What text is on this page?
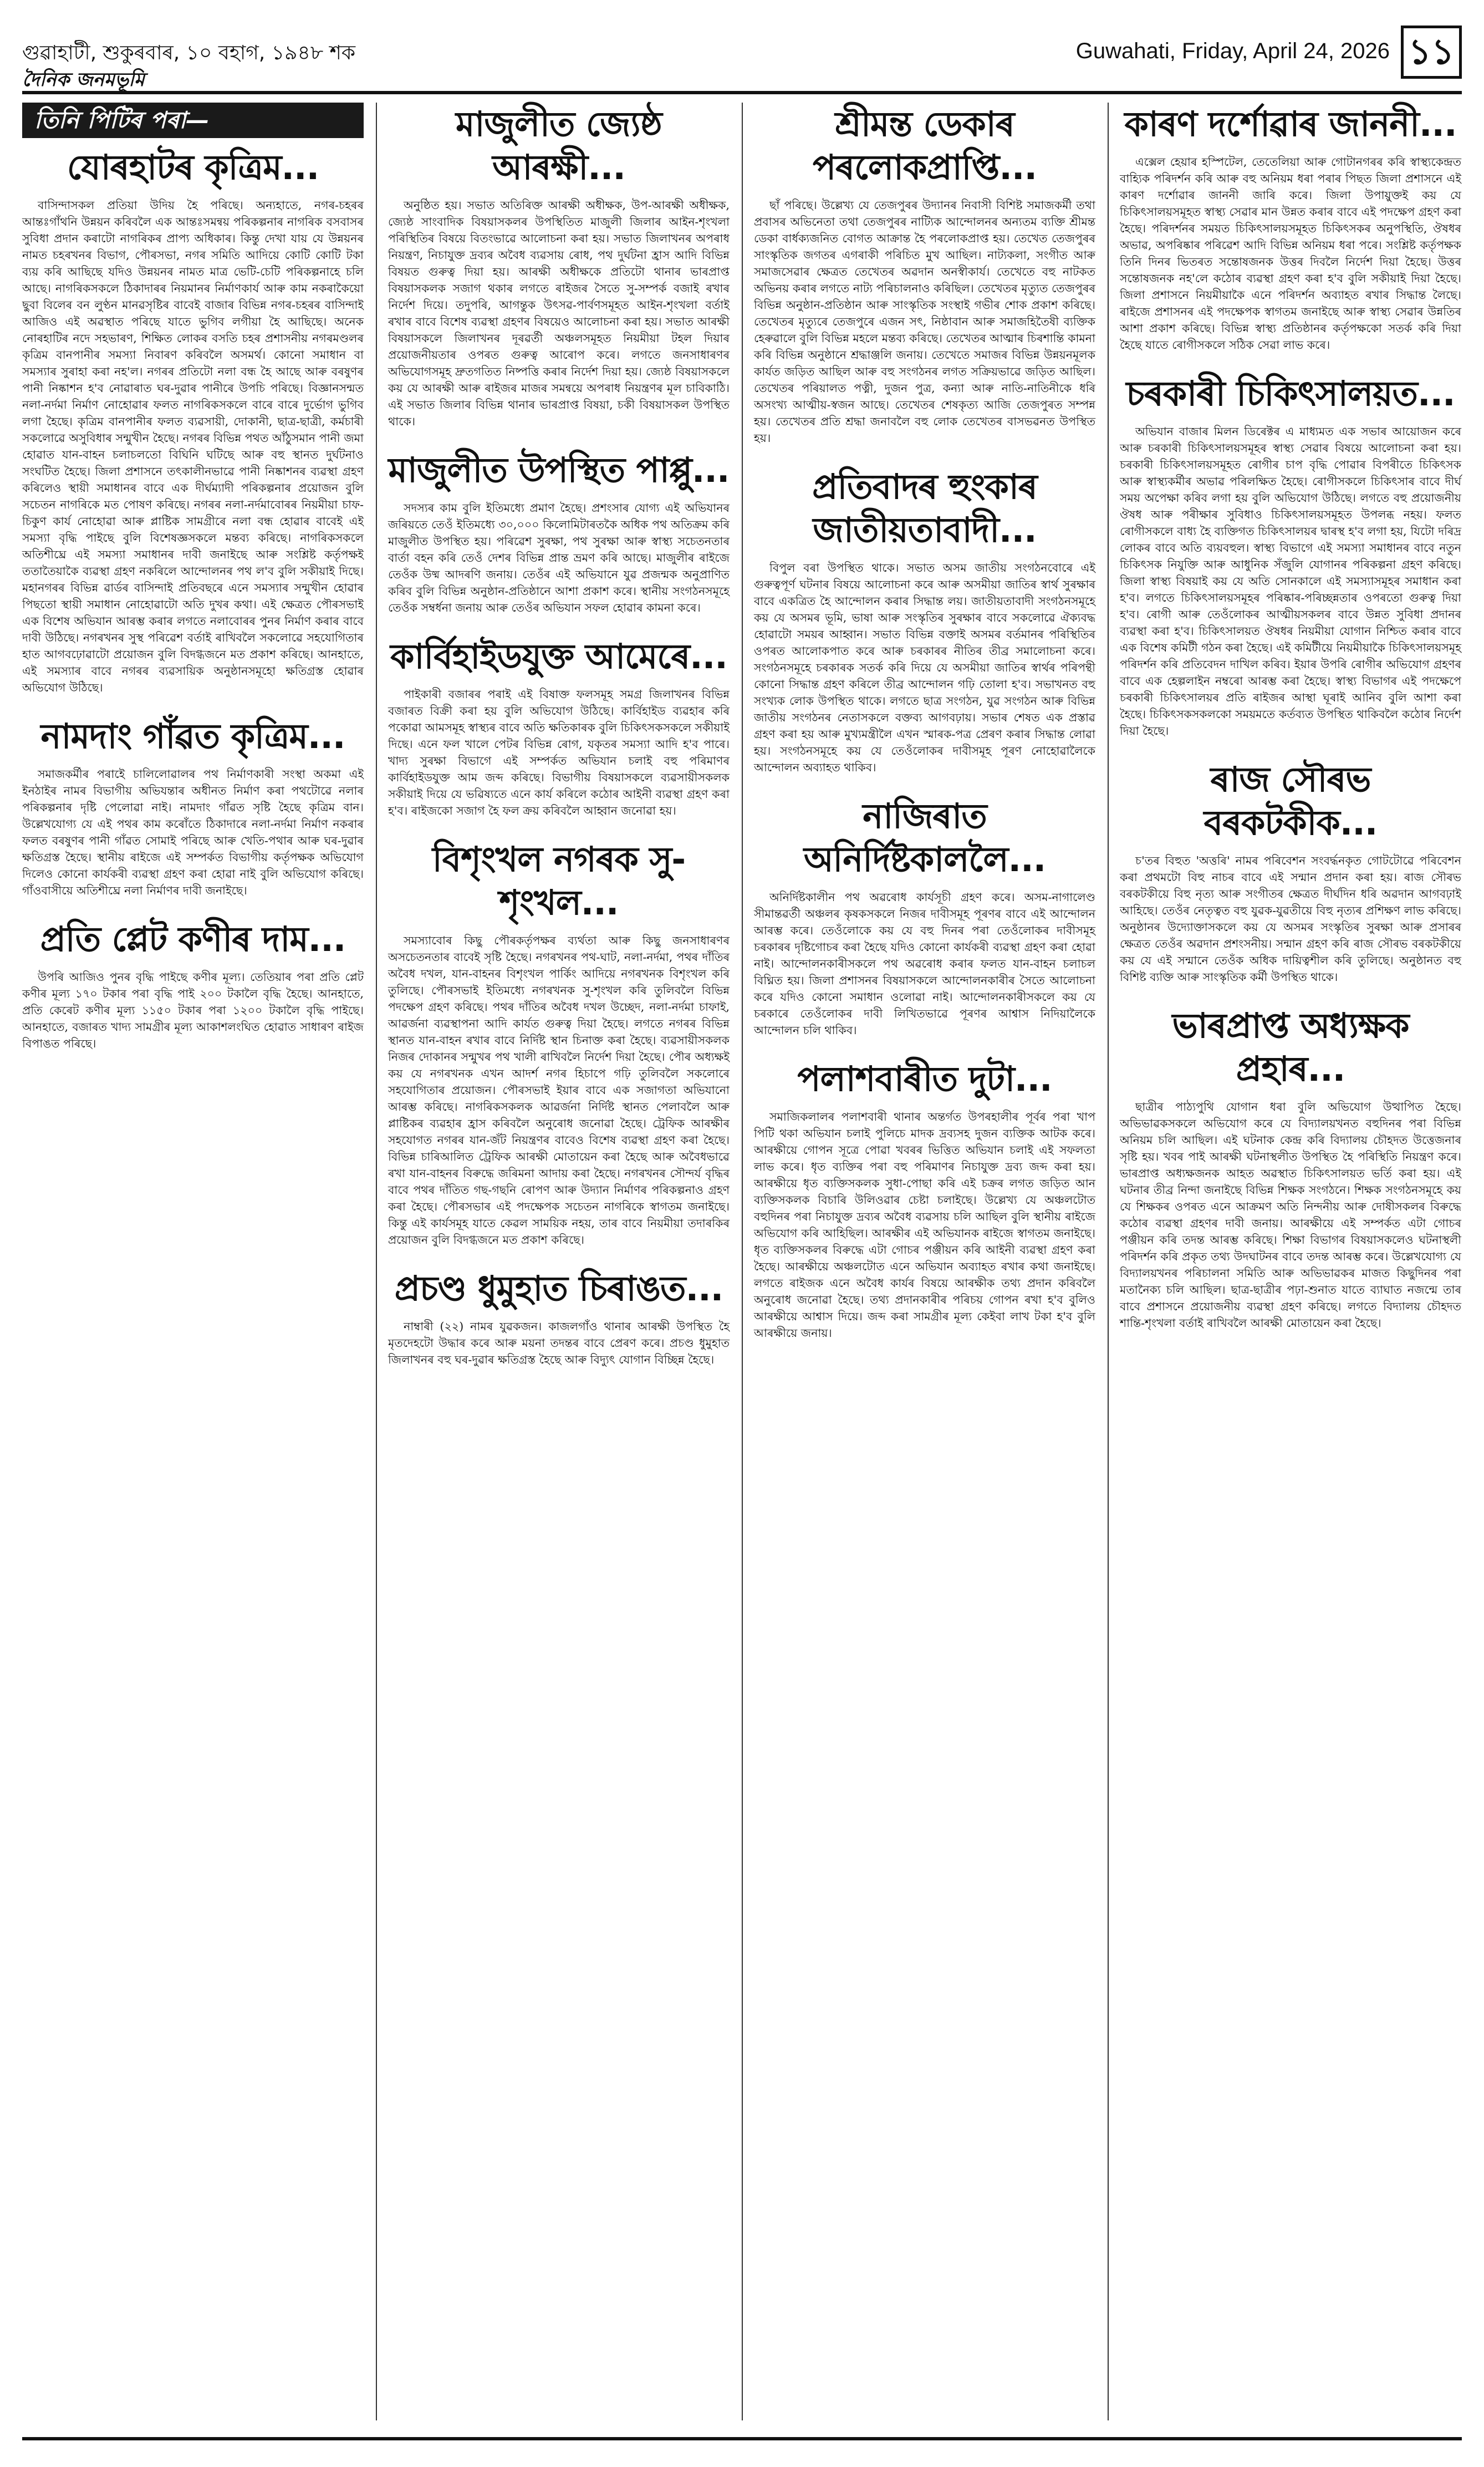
গুৱাহাটী, শুকুৰবাৰ, ১০ বহাগ, ১৯৪৮ শক
দৈনিক জনমভূমি
Guwahati, Friday, April 24, 2026 ১১
তিনি পিটিৰ পৰা—
যোৰহাটৰ কৃত্ৰিম...

বাসিন্দাসকল প্ৰতিয়া উদিয় হৈ পৰিছে। অন্যহাতে, নগৰ-চহৰৰ আন্তঃগাঁথনি উন্নয়ন কৰিবলৈ এক আন্তঃসমন্বয় পৰিকল্পনাৰ নাগৰিক বসবাসৰ সুবিধা প্ৰদান কৰাটো নাগৰিকৰ প্ৰাপ্য অধিকাৰ। কিন্তু দেখা যায় যে উন্নয়নৰ নামত চহৰখনৰ বিভাগ, পৌৰসভা, নগৰ সমিতি আদিয়ে কোটি কোটি টকা ব্যয় কৰি আছিছে যদিও উন্নয়নৰ নামত মাত্ৰ ভেটি-চেটি পৰিকল্পনাহে চলি আছে। নাগৰিকসকলে ঠিকাদাৰৰ নিয়মানৰ নিৰ্মাণকাৰ্য আৰু কাম নকৰাকৈয়ো ছুবা বিলেৰ বন লুণ্ঠন মানৱসৃষ্টিৰ বাবেই বাজাৰ বিভিন্ন নগৰ-চহৰৰ বাসিন্দাই আজিও এই অৱস্থাত পৰিছে যাতে ভুগিব লগীয়া হৈ আছিছে। অনেক নোৰহাটিৰ নদে সহভাৰণ, শিক্ষিত লোকৰ বসতি চহৰ প্ৰশাসনীয় নগৰমণ্ডলৰ কৃত্ৰিম বানপানীৰ সমস্যা নিবাৰণ কৰিবলৈ অসমৰ্থ। কোনো সমাধান বা সমস্যাৰ সুৰাহা কৰা নহ'ল। নগৰৰ প্ৰতিটো নলা বন্ধ হৈ আছে আৰু বৰষুণৰ পানী নিষ্কাশন হ'ব নোৱাৰাত ঘৰ-দুৱাৰ পানীৰে উপচি পৰিছে। বিজ্ঞানসন্মত নলা-নৰ্দমা নিৰ্মাণ নোহোৱাৰ ফলত নাগৰিকসকলে বাৰে বাৰে দুৰ্ভোগ ভুগিব লগা হৈছে। কৃত্ৰিম বানপানীৰ ফলত ব্যৱসায়ী, দোকানী, ছাত্ৰ-ছাত্ৰী, কৰ্মচাৰী সকলোৱে অসুবিধাৰ সন্মুখীন হৈছে। নগৰৰ বিভিন্ন পথত আঁঠুসমান পানী জমা হোৱাত যান-বাহন চলাচলতো বিঘিনি ঘটিছে আৰু বহু স্থানত দুৰ্ঘটনাও সংঘটিত হৈছে। জিলা প্ৰশাসনে তৎকালীনভাৱে পানী নিষ্কাশনৰ ব্যৱস্থা গ্ৰহণ কৰিলেও স্থায়ী সমাধানৰ বাবে এক দীৰ্ঘম্যাদী পৰিকল্পনাৰ প্ৰয়োজন বুলি সচেতন নাগৰিকে মত পোষণ কৰিছে। নগৰৰ নলা-নৰ্দমাবোৰৰ নিয়মীয়া চাফ-চিকুণ কাৰ্য নোহোৱা আৰু প্লাষ্টিক সামগ্ৰীৰে নলা বন্ধ হোৱাৰ বাবেই এই সমস্যা বৃদ্ধি পাইছে বুলি বিশেষজ্ঞসকলে মন্তব্য কৰিছে। নাগৰিকসকলে অতিশীঘ্ৰে এই সমস্যা সমাধানৰ দাবী জনাইছে আৰু সংশ্লিষ্ট কৰ্তৃপক্ষই ততাতৈয়াকৈ ব্যৱস্থা গ্ৰহণ নকৰিলে আন্দোলনৰ পথ ল'ব বুলি সকীয়াই দিছে। মহানগৰৰ বিভিন্ন ৱাৰ্ডৰ বাসিন্দাই প্ৰতিবছৰে এনে সমস্যাৰ সন্মুখীন হোৱাৰ পিছতো স্থায়ী সমাধান নোহোৱাটো অতি দুখৰ কথা। এই ক্ষেত্ৰত পৌৰসভাই এক বিশেষ অভিযান আৰম্ভ কৰাৰ লগতে নলাবোৰৰ পুনৰ নিৰ্মাণ কৰাৰ বাবে দাবী উঠিছে। নগৰখনৰ সুস্থ পৰিৱেশ বৰ্তাই ৰাখিবলৈ সকলোৱে সহযোগিতাৰ হাত আগবঢ়োৱাটো প্ৰয়োজন বুলি বিদগ্ধজনে মত প্ৰকাশ কৰিছে। আনহাতে, এই সমস্যাৰ বাবে নগৰৰ ব্যৱসায়িক অনুষ্ঠানসমূহো ক্ষতিগ্ৰস্ত হোৱাৰ অভিযোগ উঠিছে।

নামদাং গাঁৱত কৃত্ৰিম...

সমাজকৰ্মীৰ পৰাইে চালিলোৱালৰ পথ নিৰ্মাণকাৰী সংস্থা অকমা এই ইনঠাইৰ নামৰ বিভাগীয় অভিযন্তাৰ অধীনত নিৰ্মাণ কৰা পথটোৱে নলাৰ পৰিকল্পনাৰ দৃষ্টি পেলোৱা নাই। নামদাং গাঁৱত সৃষ্টি হৈছে কৃত্ৰিম বান। উল্লেখযোগ্য যে এই পথৰ কাম কৰোঁতে ঠিকাদাৰে নলা-নৰ্দমা নিৰ্মাণ নকৰাৰ ফলত বৰষুণৰ পানী গাঁৱত সোমাই পৰিছে আৰু খেতি-পথাৰ আৰু ঘৰ-দুৱাৰ ক্ষতিগ্ৰস্ত হৈছে। স্থানীয় ৰাইজে এই সম্পৰ্কত বিভাগীয় কৰ্তৃপক্ষক অভিযোগ দিলেও কোনো কাৰ্যকৰী ব্যৱস্থা গ্ৰহণ কৰা হোৱা নাই বুলি অভিযোগ কৰিছে। গাঁওবাসীয়ে অতিশীঘ্ৰে নলা নিৰ্মাণৰ দাবী জনাইছে।

প্ৰতি প্লেট কণীৰ দাম...

উপৰি আজিও পুনৰ বৃদ্ধি পাইছে কণীৰ মূল্য। তেতিয়াৰ পৰা প্ৰতি প্লেট কণীৰ মূল্য ১৭০ টকাৰ পৰা বৃদ্ধি পাই ২০০ টকালৈ বৃদ্ধি হৈছে। আনহাতে, প্ৰতি কেৰেট কণীৰ মূল্য ১১৫০ টকাৰ পৰা ১২০০ টকালৈ বৃদ্ধি পাইছে। আনহাতে, বজাৰত খাদ্য সামগ্ৰীৰ মূল্য আকাশলংঘিত হোৱাত সাধাৰণ ৰাইজ বিপাঙত পৰিছে।

মাজুলীত জ্যেষ্ঠ আৰক্ষী...

অনুষ্ঠিত হয়। সভাত অতিৰিক্ত আৰক্ষী অধীক্ষক, উপ-আৰক্ষী অধীক্ষক, জ্যেষ্ঠ সাংবাদিক বিষয়াসকলৰ উপস্থিতিত মাজুলী জিলাৰ আইন-শৃংখলা পৰিস্থিতিৰ বিষয়ে বিতংভাৱে আলোচনা কৰা হয়। সভাত জিলাখনৰ অপৰাধ নিয়ন্ত্ৰণ, নিচাযুক্ত দ্ৰব্যৰ অবৈধ ব্যৱসায় ৰোধ, পথ দুৰ্ঘটনা হ্ৰাস আদি বিভিন্ন বিষয়ত গুৰুত্ব দিয়া হয়। আৰক্ষী অধীক্ষকে প্ৰতিটো থানাৰ ভাৰপ্ৰাপ্ত বিষয়াসকলক সজাগ থকাৰ লগতে ৰাইজৰ সৈতে সু-সম্পৰ্ক বজাই ৰখাৰ নিৰ্দেশ দিয়ে। তদুপৰি, আগন্তুক উৎসৱ-পাৰ্বণসমূহত আইন-শৃংখলা বৰ্তাই ৰখাৰ বাবে বিশেষ ব্যৱস্থা গ্ৰহণৰ বিষয়েও আলোচনা কৰা হয়। সভাত আৰক্ষী বিষয়াসকলে জিলাখনৰ দূৰৱৰ্তী অঞ্চলসমূহত নিয়মীয়া টহল দিয়াৰ প্ৰয়োজনীয়তাৰ ওপৰত গুৰুত্ব আৰোপ কৰে। লগতে জনসাধাৰণৰ অভিযোগসমূহ দ্ৰুতগতিত নিষ্পত্তি কৰাৰ নিৰ্দেশ দিয়া হয়। জ্যেষ্ঠ বিষয়াসকলে কয় যে আৰক্ষী আৰু ৰাইজৰ মাজৰ সমন্বয়ে অপৰাধ নিয়ন্ত্ৰণৰ মূল চাবিকাঠি। এই সভাত জিলাৰ বিভিন্ন থানাৰ ভাৰপ্ৰাপ্ত বিষয়া, চকী বিষয়াসকল উপস্থিত থাকে।

মাজুলীত উপস্থিত পাপ্পু...

সদস্যৰ কাম বুলি ইতিমধ্যে প্ৰমাণ হৈছে। প্ৰশংসাৰ যোগ্য এই অভিযানৰ জৰিয়তে তেওঁ ইতিমধ্যে ৩০,০০০ কিলোমিটাৰতকৈ অধিক পথ অতিক্ৰম কৰি মাজুলীত উপস্থিত হয়। পৰিৱেশ সুৰক্ষা, পথ সুৰক্ষা আৰু স্বাস্থ্য সচেতনতাৰ বাৰ্তা বহন কৰি তেওঁ দেশৰ বিভিন্ন প্ৰান্ত ভ্ৰমণ কৰি আছে। মাজুলীৰ ৰাইজে তেওঁক উষ্ম আদৰণি জনায়। তেওঁৰ এই অভিযানে যুৱ প্ৰজন্মক অনুপ্ৰাণিত কৰিব বুলি বিভিন্ন অনুষ্ঠান-প্ৰতিষ্ঠানে আশা প্ৰকাশ কৰে। স্থানীয় সংগঠনসমূহে তেওঁক সম্বৰ্ধনা জনায় আৰু তেওঁৰ অভিযান সফল হোৱাৰ কামনা কৰে।

কাৰ্বিহাইডযুক্ত আমেৰে...

পাইকাৰী বজাৰৰ পৰাই এই বিষাক্ত ফলসমূহ সমগ্ৰ জিলাখনৰ বিভিন্ন বজাৰত বিক্ৰী কৰা হয় বুলি অভিযোগ উঠিছে। কাৰ্বিহাইড ব্যৱহাৰ কৰি পকোৱা আমসমূহ স্বাস্থ্যৰ বাবে অতি ক্ষতিকাৰক বুলি চিকিৎসকসকলে সকীয়াই দিছে। এনে ফল খালে পেটৰ বিভিন্ন ৰোগ, যকৃতৰ সমস্যা আদি হ'ব পাৰে। খাদ্য সুৰক্ষা বিভাগে এই সম্পৰ্কত অভিযান চলাই বহু পৰিমাণৰ কাৰ্বিহাইডযুক্ত আম জব্দ কৰিছে। বিভাগীয় বিষয়াসকলে ব্যৱসায়ীসকলক সকীয়াই দিয়ে যে ভৱিষ্যতে এনে কাৰ্য কৰিলে কঠোৰ আইনী ব্যৱস্থা গ্ৰহণ কৰা হ'ব। ৰাইজকো সজাগ হৈ ফল ক্ৰয় কৰিবলৈ আহ্বান জনোৱা হয়।

বিশৃংখল নগৰক সু-শৃংখল...

সমস্যাবোৰ কিছু পৌৰকৰ্তৃপক্ষৰ ব্যৰ্থতা আৰু কিছু জনসাধাৰণৰ অসচেতনতাৰ বাবেই সৃষ্টি হৈছে। নগৰখনৰ পথ-ঘাট, নলা-নৰ্দমা, পথৰ দাঁতিৰ অবৈধ দখল, যান-বাহনৰ বিশৃংখল পাৰ্কিং আদিয়ে নগৰখনক বিশৃংখল কৰি তুলিছে। পৌৰসভাই ইতিমধ্যে নগৰখনক সু-শৃংখল কৰি তুলিবলৈ বিভিন্ন পদক্ষেপ গ্ৰহণ কৰিছে। পথৰ দাঁতিৰ অবৈধ দখল উচ্ছেদ, নলা-নৰ্দমা চাফাই, আৱৰ্জনা ব্যৱস্থাপনা আদি কাৰ্যত গুৰুত্ব দিয়া হৈছে। লগতে নগৰৰ বিভিন্ন স্থানত যান-বাহন ৰখাৰ বাবে নিৰ্দিষ্ট স্থান চিনাক্ত কৰা হৈছে। ব্যৱসায়ীসকলক নিজৰ দোকানৰ সন্মুখৰ পথ খালী ৰাখিবলৈ নিৰ্দেশ দিয়া হৈছে। পৌৰ অধ্যক্ষই কয় যে নগৰখনক এখন আদৰ্শ নগৰ হিচাপে গঢ়ি তুলিবলৈ সকলোৰে সহযোগিতাৰ প্ৰয়োজন। পৌৰসভাই ইয়াৰ বাবে এক সজাগতা অভিযানো আৰম্ভ কৰিছে। নাগৰিকসকলক আৱৰ্জনা নিৰ্দিষ্ট স্থানত পেলাবলৈ আৰু প্লাষ্টিকৰ ব্যৱহাৰ হ্ৰাস কৰিবলৈ অনুৰোধ জনোৱা হৈছে। ট্ৰেফিক আৰক্ষীৰ সহযোগত নগৰৰ যান-জঁট নিয়ন্ত্ৰণৰ বাবেও বিশেষ ব্যৱস্থা গ্ৰহণ কৰা হৈছে। বিভিন্ন চাৰিআলিত ট্ৰেফিক আৰক্ষী মোতায়েন কৰা হৈছে আৰু অবৈধভাৱে ৰখা যান-বাহনৰ বিৰুদ্ধে জৰিমনা আদায় কৰা হৈছে। নগৰখনৰ সৌন্দৰ্য বৃদ্ধিৰ বাবে পথৰ দাঁতিত গছ-গছনি ৰোপণ আৰু উদ্যান নিৰ্মাণৰ পৰিকল্পনাও গ্ৰহণ কৰা হৈছে। পৌৰসভাৰ এই পদক্ষেপক সচেতন নাগৰিকে স্বাগতম জনাইছে। কিন্তু এই কাৰ্যসমূহ যাতে কেৱল সাময়িক নহয়, তাৰ বাবে নিয়মীয়া তদাৰকিৰ প্ৰয়োজন বুলি বিদগ্ধজনে মত প্ৰকাশ কৰিছে।

প্ৰচণ্ড ধুমুহাত চিৰাঙত...

নাম্বাৰী (২২) নামৰ যুৱকজন। কাজলগাঁও থানাৰ আৰক্ষী উপস্থিত হৈ মৃতদেহটো উদ্ধাৰ কৰে আৰু ময়না তদন্তৰ বাবে প্ৰেৰণ কৰে। প্ৰচণ্ড ধুমুহাত জিলাখনৰ বহু ঘৰ-দুৱাৰ ক্ষতিগ্ৰস্ত হৈছে আৰু বিদ্যুৎ যোগান বিচ্ছিন্ন হৈছে।

শ্ৰীমন্ত ডেকাৰ পৰলোকপ্ৰাপ্তি...

ছাঁ পৰিছে। উল্লেখ্য যে তেজপুৰৰ উদ্যানৰ নিবাসী বিশিষ্ট সমাজকৰ্মী তথা প্ৰবাসৰ অভিনেতা তথা তেজপুৰৰ নাট্যিক আন্দোলনৰ অন্যতম ব্যক্তি শ্ৰীমন্ত ডেকা বাৰ্ধক্যজনিত বোগত আক্ৰান্ত হৈ পৰলোকপ্ৰাপ্ত হয়। তেখেত তেজপুৰৰ সাংস্কৃতিক জগতৰ এগৰাকী পৰিচিত মুখ আছিল। নাট্যকলা, সংগীত আৰু সমাজসেৱাৰ ক্ষেত্ৰত তেখেতৰ অৱদান অনস্বীকাৰ্য। তেখেতে বহু নাটকত অভিনয় কৰাৰ লগতে নাট্য পৰিচালনাও কৰিছিল। তেখেতৰ মৃত্যুত তেজপুৰৰ বিভিন্ন অনুষ্ঠান-প্ৰতিষ্ঠান আৰু সাংস্কৃতিক সংস্থাই গভীৰ শোক প্ৰকাশ কৰিছে। তেখেতৰ মৃত্যুৰে তেজপুৰে এজন সৎ, নিষ্ঠাবান আৰু সমাজহিতৈষী ব্যক্তিক হেৰুৱালে বুলি বিভিন্ন মহলে মন্তব্য কৰিছে। তেখেতৰ আত্মাৰ চিৰশান্তি কামনা কৰি বিভিন্ন অনুষ্ঠানে শ্ৰদ্ধাঞ্জলি জনায়। তেখেতে সমাজৰ বিভিন্ন উন্নয়নমূলক কাৰ্যত জড়িত আছিল আৰু বহু সংগঠনৰ লগত সক্ৰিয়ভাৱে জড়িত আছিল। তেখেতৰ পৰিয়ালত পত্নী, দুজন পুত্ৰ, কন্যা আৰু নাতি-নাতিনীকে ধৰি অসংখ্য আত্মীয়-স্বজন আছে। তেখেতৰ শেষকৃত্য আজি তেজপুৰত সম্পন্ন হয়। তেখেতৰ প্ৰতি শ্ৰদ্ধা জনাবলৈ বহু লোক তেখেতৰ বাসভৱনত উপস্থিত হয়।

প্ৰতিবাদৰ হুংকাৰ জাতীয়তাবাদী...

বিপুল বৰা উপস্থিত থাকে। সভাত অসম জাতীয় সংগঠনবোৰে এই গুৰুত্বপূৰ্ণ ঘটনাৰ বিষয়ে আলোচনা কৰে আৰু অসমীয়া জাতিৰ স্বাৰ্থ সুৰক্ষাৰ বাবে একত্ৰিত হৈ আন্দোলন কৰাৰ সিদ্ধান্ত লয়। জাতীয়তাবাদী সংগঠনসমূহে কয় যে অসমৰ ভূমি, ভাষা আৰু সংস্কৃতিৰ সুৰক্ষাৰ বাবে সকলোৱে ঐক্যবদ্ধ হোৱাটো সময়ৰ আহ্বান। সভাত বিভিন্ন বক্তাই অসমৰ বৰ্তমানৰ পৰিস্থিতিৰ ওপৰত আলোকপাত কৰে আৰু চৰকাৰৰ নীতিৰ তীব্ৰ সমালোচনা কৰে। সংগঠনসমূহে চৰকাৰক সতৰ্ক কৰি দিয়ে যে অসমীয়া জাতিৰ স্বাৰ্থৰ পৰিপন্থী কোনো সিদ্ধান্ত গ্ৰহণ কৰিলে তীব্ৰ আন্দোলন গঢ়ি তোলা হ'ব। সভাখনত বহু সংখ্যক লোক উপস্থিত থাকে। লগতে ছাত্ৰ সংগঠন, যুৱ সংগঠন আৰু বিভিন্ন জাতীয় সংগঠনৰ নেতাসকলে বক্তব্য আগবঢ়ায়। সভাৰ শেষত এক প্ৰস্তাৱ গ্ৰহণ কৰা হয় আৰু মুখ্যমন্ত্ৰীলৈ এখন স্মাৰক-পত্ৰ প্ৰেৰণ কৰাৰ সিদ্ধান্ত লোৱা হয়। সংগঠনসমূহে কয় যে তেওঁলোকৰ দাবীসমূহ পূৰণ নোহোৱালৈকে আন্দোলন অব্যাহত থাকিব।

নাজিৰাত অনিৰ্দিষ্টকাললৈ...

অনিৰ্দিষ্টকালীন পথ অৱৰোধ কাৰ্যসূচী গ্ৰহণ কৰে। অসম-নাগালেণ্ড সীমান্তৱৰ্তী অঞ্চলৰ কৃষকসকলে নিজৰ দাবীসমূহ পূৰণৰ বাবে এই আন্দোলন আৰম্ভ কৰে। তেওঁলোকে কয় যে বহু দিনৰ পৰা তেওঁলোকৰ দাবীসমূহ চৰকাৰৰ দৃষ্টিগোচৰ কৰা হৈছে যদিও কোনো কাৰ্যকৰী ব্যৱস্থা গ্ৰহণ কৰা হোৱা নাই। আন্দোলনকাৰীসকলে পথ অৱৰোধ কৰাৰ ফলত যান-বাহন চলাচল বিঘ্নিত হয়। জিলা প্ৰশাসনৰ বিষয়াসকলে আন্দোলনকাৰীৰ সৈতে আলোচনা কৰে যদিও কোনো সমাধান ওলোৱা নাই। আন্দোলনকাৰীসকলে কয় যে চৰকাৰে তেওঁলোকৰ দাবী লিখিতভাৱে পূৰণৰ আশ্বাস নিদিয়ালৈকে আন্দোলন চলি থাকিব।

পলাশবাৰীত দুটা...

সমাজিকলালৰ পলাশবাৰী থানাৰ অন্তৰ্গত উপৰহালীৰ পূৰ্বৰ পৰা খাপ পিটি থকা অভিযান চলাই পুলিচে মাদক দ্ৰব্যসহ দুজন ব্যক্তিক আটক কৰে। আৰক্ষীয়ে গোপন সূত্ৰে পোৱা খবৰৰ ভিত্তিত অভিযান চলাই এই সফলতা লাভ কৰে। ধৃত ব্যক্তিৰ পৰা বহু পৰিমাণৰ নিচাযুক্ত দ্ৰব্য জব্দ কৰা হয়। আৰক্ষীয়ে ধৃত ব্যক্তিসকলক সুধা-পোছা কৰি এই চক্ৰৰ লগত জড়িত আন ব্যক্তিসকলক বিচাৰি উলিওৱাৰ চেষ্টা চলাইছে। উল্লেখ্য যে অঞ্চলটোত বহুদিনৰ পৰা নিচাযুক্ত দ্ৰব্যৰ অবৈধ ব্যৱসায় চলি আছিল বুলি স্থানীয় ৰাইজে অভিযোগ কৰি আহিছিল। আৰক্ষীৰ এই অভিযানক ৰাইজে স্বাগতম জনাইছে। ধৃত ব্যক্তিসকলৰ বিৰুদ্ধে এটা গোচৰ পঞ্জীয়ন কৰি আইনী ব্যৱস্থা গ্ৰহণ কৰা হৈছে। আৰক্ষীয়ে অঞ্চলটোত এনে অভিযান অব্যাহত ৰখাৰ কথা জনাইছে। লগতে ৰাইজক এনে অবৈধ কাৰ্যৰ বিষয়ে আৰক্ষীক তথ্য প্ৰদান কৰিবলৈ অনুৰোধ জনোৱা হৈছে। তথ্য প্ৰদানকাৰীৰ পৰিচয় গোপন ৰখা হ'ব বুলিও আৰক্ষীয়ে আশ্বাস দিয়ে। জব্দ কৰা সামগ্ৰীৰ মূল্য কেইবা লাখ টকা হ'ব বুলি আৰক্ষীয়ে জনায়।

কাৰণ দৰ্শোৱাৰ জাননী...

এক্সেল হেয়াৰ হস্পিটেল, তেতেলিয়া আৰু গোটানগৰৰ কৰি স্বাস্থ্যকেন্দ্ৰত বাহ্যিক পৰিদৰ্শন কৰি আৰু বহু অনিয়ম ধৰা পৰাৰ পিছত জিলা প্ৰশাসনে এই কাৰণ দৰ্শোৱাৰ জাননী জাৰি কৰে। জিলা উপায়ুক্তই কয় যে চিকিৎসালয়সমূহত স্বাস্থ্য সেৱাৰ মান উন্নত কৰাৰ বাবে এই পদক্ষেপ গ্ৰহণ কৰা হৈছে। পৰিদৰ্শনৰ সময়ত চিকিৎসালয়সমূহত চিকিৎসকৰ অনুপস্থিতি, ঔষধৰ অভাৱ, অপৰিষ্কাৰ পৰিৱেশ আদি বিভিন্ন অনিয়ম ধৰা পৰে। সংশ্লিষ্ট কৰ্তৃপক্ষক তিনি দিনৰ ভিতৰত সন্তোষজনক উত্তৰ দিবলৈ নিৰ্দেশ দিয়া হৈছে। উত্তৰ সন্তোষজনক নহ'লে কঠোৰ ব্যৱস্থা গ্ৰহণ কৰা হ'ব বুলি সকীয়াই দিয়া হৈছে। জিলা প্ৰশাসনে নিয়মীয়াকৈ এনে পৰিদৰ্শন অব্যাহত ৰখাৰ সিদ্ধান্ত লৈছে। ৰাইজে প্ৰশাসনৰ এই পদক্ষেপক স্বাগতম জনাইছে আৰু স্বাস্থ্য সেৱাৰ উন্নতিৰ আশা প্ৰকাশ কৰিছে। বিভিন্ন স্বাস্থ্য প্ৰতিষ্ঠানৰ কৰ্তৃপক্ষকো সতৰ্ক কৰি দিয়া হৈছে যাতে ৰোগীসকলে সঠিক সেৱা লাভ কৰে।

চৰকাৰী চিকিৎসালয়ত...

অভিযান বাজাৰ মিলন ডিৰেক্টৰ এ মাধ্যমত এক সভাৰ আয়োজন কৰে আৰু চৰকাৰী চিকিৎসালয়সমূহৰ স্বাস্থ্য সেৱাৰ বিষয়ে আলোচনা কৰা হয়। চৰকাৰী চিকিৎসালয়সমূহত ৰোগীৰ চাপ বৃদ্ধি পোৱাৰ বিপৰীতে চিকিৎসক আৰু স্বাস্থ্যকৰ্মীৰ অভাৱ পৰিলক্ষিত হৈছে। ৰোগীসকলে চিকিৎসাৰ বাবে দীৰ্ঘ সময় অপেক্ষা কৰিব লগা হয় বুলি অভিযোগ উঠিছে। লগতে বহু প্ৰয়োজনীয় ঔষধ আৰু পৰীক্ষাৰ সুবিধাও চিকিৎসালয়সমূহত উপলব্ধ নহয়। ফলত ৰোগীসকলে বাধ্য হৈ ব্যক্তিগত চিকিৎসালয়ৰ দ্বাৰস্থ হ'ব লগা হয়, যিটো দৰিদ্ৰ লোকৰ বাবে অতি ব্যয়বহুল। স্বাস্থ্য বিভাগে এই সমস্যা সমাধানৰ বাবে নতুন চিকিৎসক নিযুক্তি আৰু আধুনিক সঁজুলি যোগানৰ পৰিকল্পনা গ্ৰহণ কৰিছে। জিলা স্বাস্থ্য বিষয়াই কয় যে অতি সোনকালে এই সমস্যাসমূহৰ সমাধান কৰা হ'ব। লগতে চিকিৎসালয়সমূহৰ পৰিষ্কাৰ-পৰিচ্ছন্নতাৰ ওপৰতো গুৰুত্ব দিয়া হ'ব। ৰোগী আৰু তেওঁলোকৰ আত্মীয়সকলৰ বাবে উন্নত সুবিধা প্ৰদানৰ ব্যৱস্থা কৰা হ'ব। চিকিৎসালয়ত ঔষধৰ নিয়মীয়া যোগান নিশ্চিত কৰাৰ বাবে এক বিশেষ কমিটী গঠন কৰা হৈছে। এই কমিটীয়ে নিয়মীয়াকৈ চিকিৎসালয়সমূহ পৰিদৰ্শন কৰি প্ৰতিবেদন দাখিল কৰিব। ইয়াৰ উপৰি ৰোগীৰ অভিযোগ গ্ৰহণৰ বাবে এক হেল্পলাইন নম্বৰো আৰম্ভ কৰা হৈছে। স্বাস্থ্য বিভাগৰ এই পদক্ষেপে চৰকাৰী চিকিৎসালয়ৰ প্ৰতি ৰাইজৰ আস্থা ঘূৰাই আনিব বুলি আশা কৰা হৈছে। চিকিৎসকসকলকো সময়মতে কৰ্তব্যত উপস্থিত থাকিবলৈ কঠোৰ নিৰ্দেশ দিয়া হৈছে।

ৰাজ সৌৰভ বৰকটকীক...

চ'তৰ বিহুত 'অত্তৰি' নামৰ পৰিবেশন সংবৰ্দ্ধনকৃত গোটটোৱে পৰিবেশন কৰা প্ৰথমটো বিহু নাচৰ বাবে এই সন্মান প্ৰদান কৰা হয়। ৰাজ সৌৰভ বৰকটকীয়ে বিহু নৃত্য আৰু সংগীতৰ ক্ষেত্ৰত দীৰ্ঘদিন ধৰি অৱদান আগবঢ়াই আহিছে। তেওঁৰ নেতৃত্বত বহু যুৱক-যুৱতীয়ে বিহু নৃত্যৰ প্ৰশিক্ষণ লাভ কৰিছে। অনুষ্ঠানৰ উদ্যোক্তাসকলে কয় যে অসমৰ সংস্কৃতিৰ সুৰক্ষা আৰু প্ৰসাৰৰ ক্ষেত্ৰত তেওঁৰ অৱদান প্ৰশংসনীয়। সন্মান গ্ৰহণ কৰি ৰাজ সৌৰভ বৰকটকীয়ে কয় যে এই সন্মানে তেওঁক অধিক দায়িত্বশীল কৰি তুলিছে। অনুষ্ঠানত বহু বিশিষ্ট ব্যক্তি আৰু সাংস্কৃতিক কৰ্মী উপস্থিত থাকে।

ভাৰপ্ৰাপ্ত অধ্যক্ষক প্ৰহাৰ...

ছাত্ৰীৰ পাঠ্যপুথি যোগান ধৰা বুলি অভিযোগ উত্থাপিত হৈছে। অভিভাৱকসকলে অভিযোগ কৰে যে বিদ্যালয়খনত বহুদিনৰ পৰা বিভিন্ন অনিয়ম চলি আছিল। এই ঘটনাক কেন্দ্ৰ কৰি বিদ্যালয় চৌহদত উত্তেজনাৰ সৃষ্টি হয়। খবৰ পাই আৰক্ষী ঘটনাস্থলীত উপস্থিত হৈ পৰিস্থিতি নিয়ন্ত্ৰণ কৰে। ভাৰপ্ৰাপ্ত অধ্যক্ষজনক আহত অৱস্থাত চিকিৎসালয়ত ভৰ্তি কৰা হয়। এই ঘটনাৰ তীব্ৰ নিন্দা জনাইছে বিভিন্ন শিক্ষক সংগঠনে। শিক্ষক সংগঠনসমূহে কয় যে শিক্ষকৰ ওপৰত এনে আক্ৰমণ অতি নিন্দনীয় আৰু দোষীসকলৰ বিৰুদ্ধে কঠোৰ ব্যৱস্থা গ্ৰহণৰ দাবী জনায়। আৰক্ষীয়ে এই সম্পৰ্কত এটা গোচৰ পঞ্জীয়ন কৰি তদন্ত আৰম্ভ কৰিছে। শিক্ষা বিভাগৰ বিষয়াসকলেও ঘটনাস্থলী পৰিদৰ্শন কৰি প্ৰকৃত তথ্য উদঘাটনৰ বাবে তদন্ত আৰম্ভ কৰে। উল্লেখযোগ্য যে বিদ্যালয়খনৰ পৰিচালনা সমিতি আৰু অভিভাৱকৰ মাজত কিছুদিনৰ পৰা মতানৈক্য চলি আছিল। ছাত্ৰ-ছাত্ৰীৰ পঢ়া-শুনাত যাতে ব্যাঘাত নজন্মে তাৰ বাবে প্ৰশাসনে প্ৰয়োজনীয় ব্যৱস্থা গ্ৰহণ কৰিছে। লগতে বিদ্যালয় চৌহদত শান্তি-শৃংখলা বৰ্তাই ৰাখিবলৈ আৰক্ষী মোতায়েন কৰা হৈছে।
